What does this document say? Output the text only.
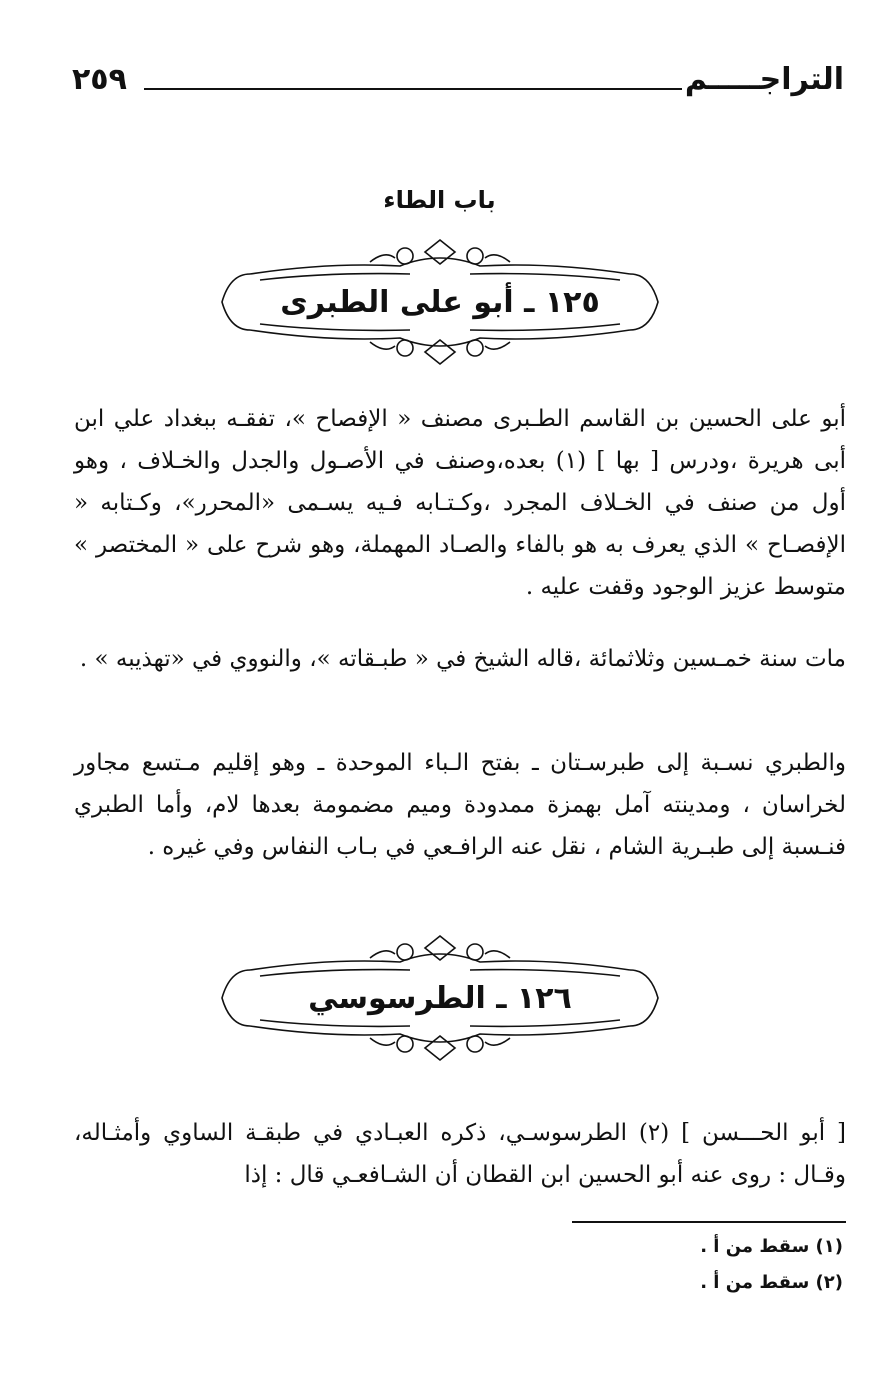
التراجـــــم
٢٥٩
باب الطاء
١٢٥ ـ أبو على الطبرى
أبو على الحسين بن القاسم الطـبرى مصنف « الإفصاح »، تفقـه ببغداد علي ابن أبى هريرة ،ودرس [ بها ] (١) بعده،وصنف في الأصـول والجدل والخـلاف ، وهو أول من صنف في الخـلاف المجرد ،وكـتـابه فـيه يسـمى «المحرر»، وكـتابه « الإفصـاح » الذي يعرف به هو بالفاء والصـاد المهملة، وهو شرح على « المختصر » متوسط عزيز الوجود وقفت عليه .
مات سنة خمـسين وثلاثمائة ،قاله الشيخ في « طبـقاته »، والنووي في «تهذيبه » .
والطبري نسـبة إلى طبرسـتان ـ بفتح الـباء الموحدة ـ وهو إقليم مـتسع مجاور لخراسان ، ومدينته آمل بهمزة ممدودة وميم مضمومة بعدها لام، وأما الطبري فنـسبة إلى طبـرية الشام ، نقل عنه الرافـعي في بـاب النفاس وفي غيره .
١٢٦ ـ الطرسوسي
[ أبو الحـــسن ] (٢) الطرسوسـي، ذكره العبـادي في طبقـة الساوي وأمثـاله، وقـال : روى عنه أبو الحسين ابن القطان أن الشـافعـي قال : إذا
(١) سقط من أ .
(٢) سقط من أ .
